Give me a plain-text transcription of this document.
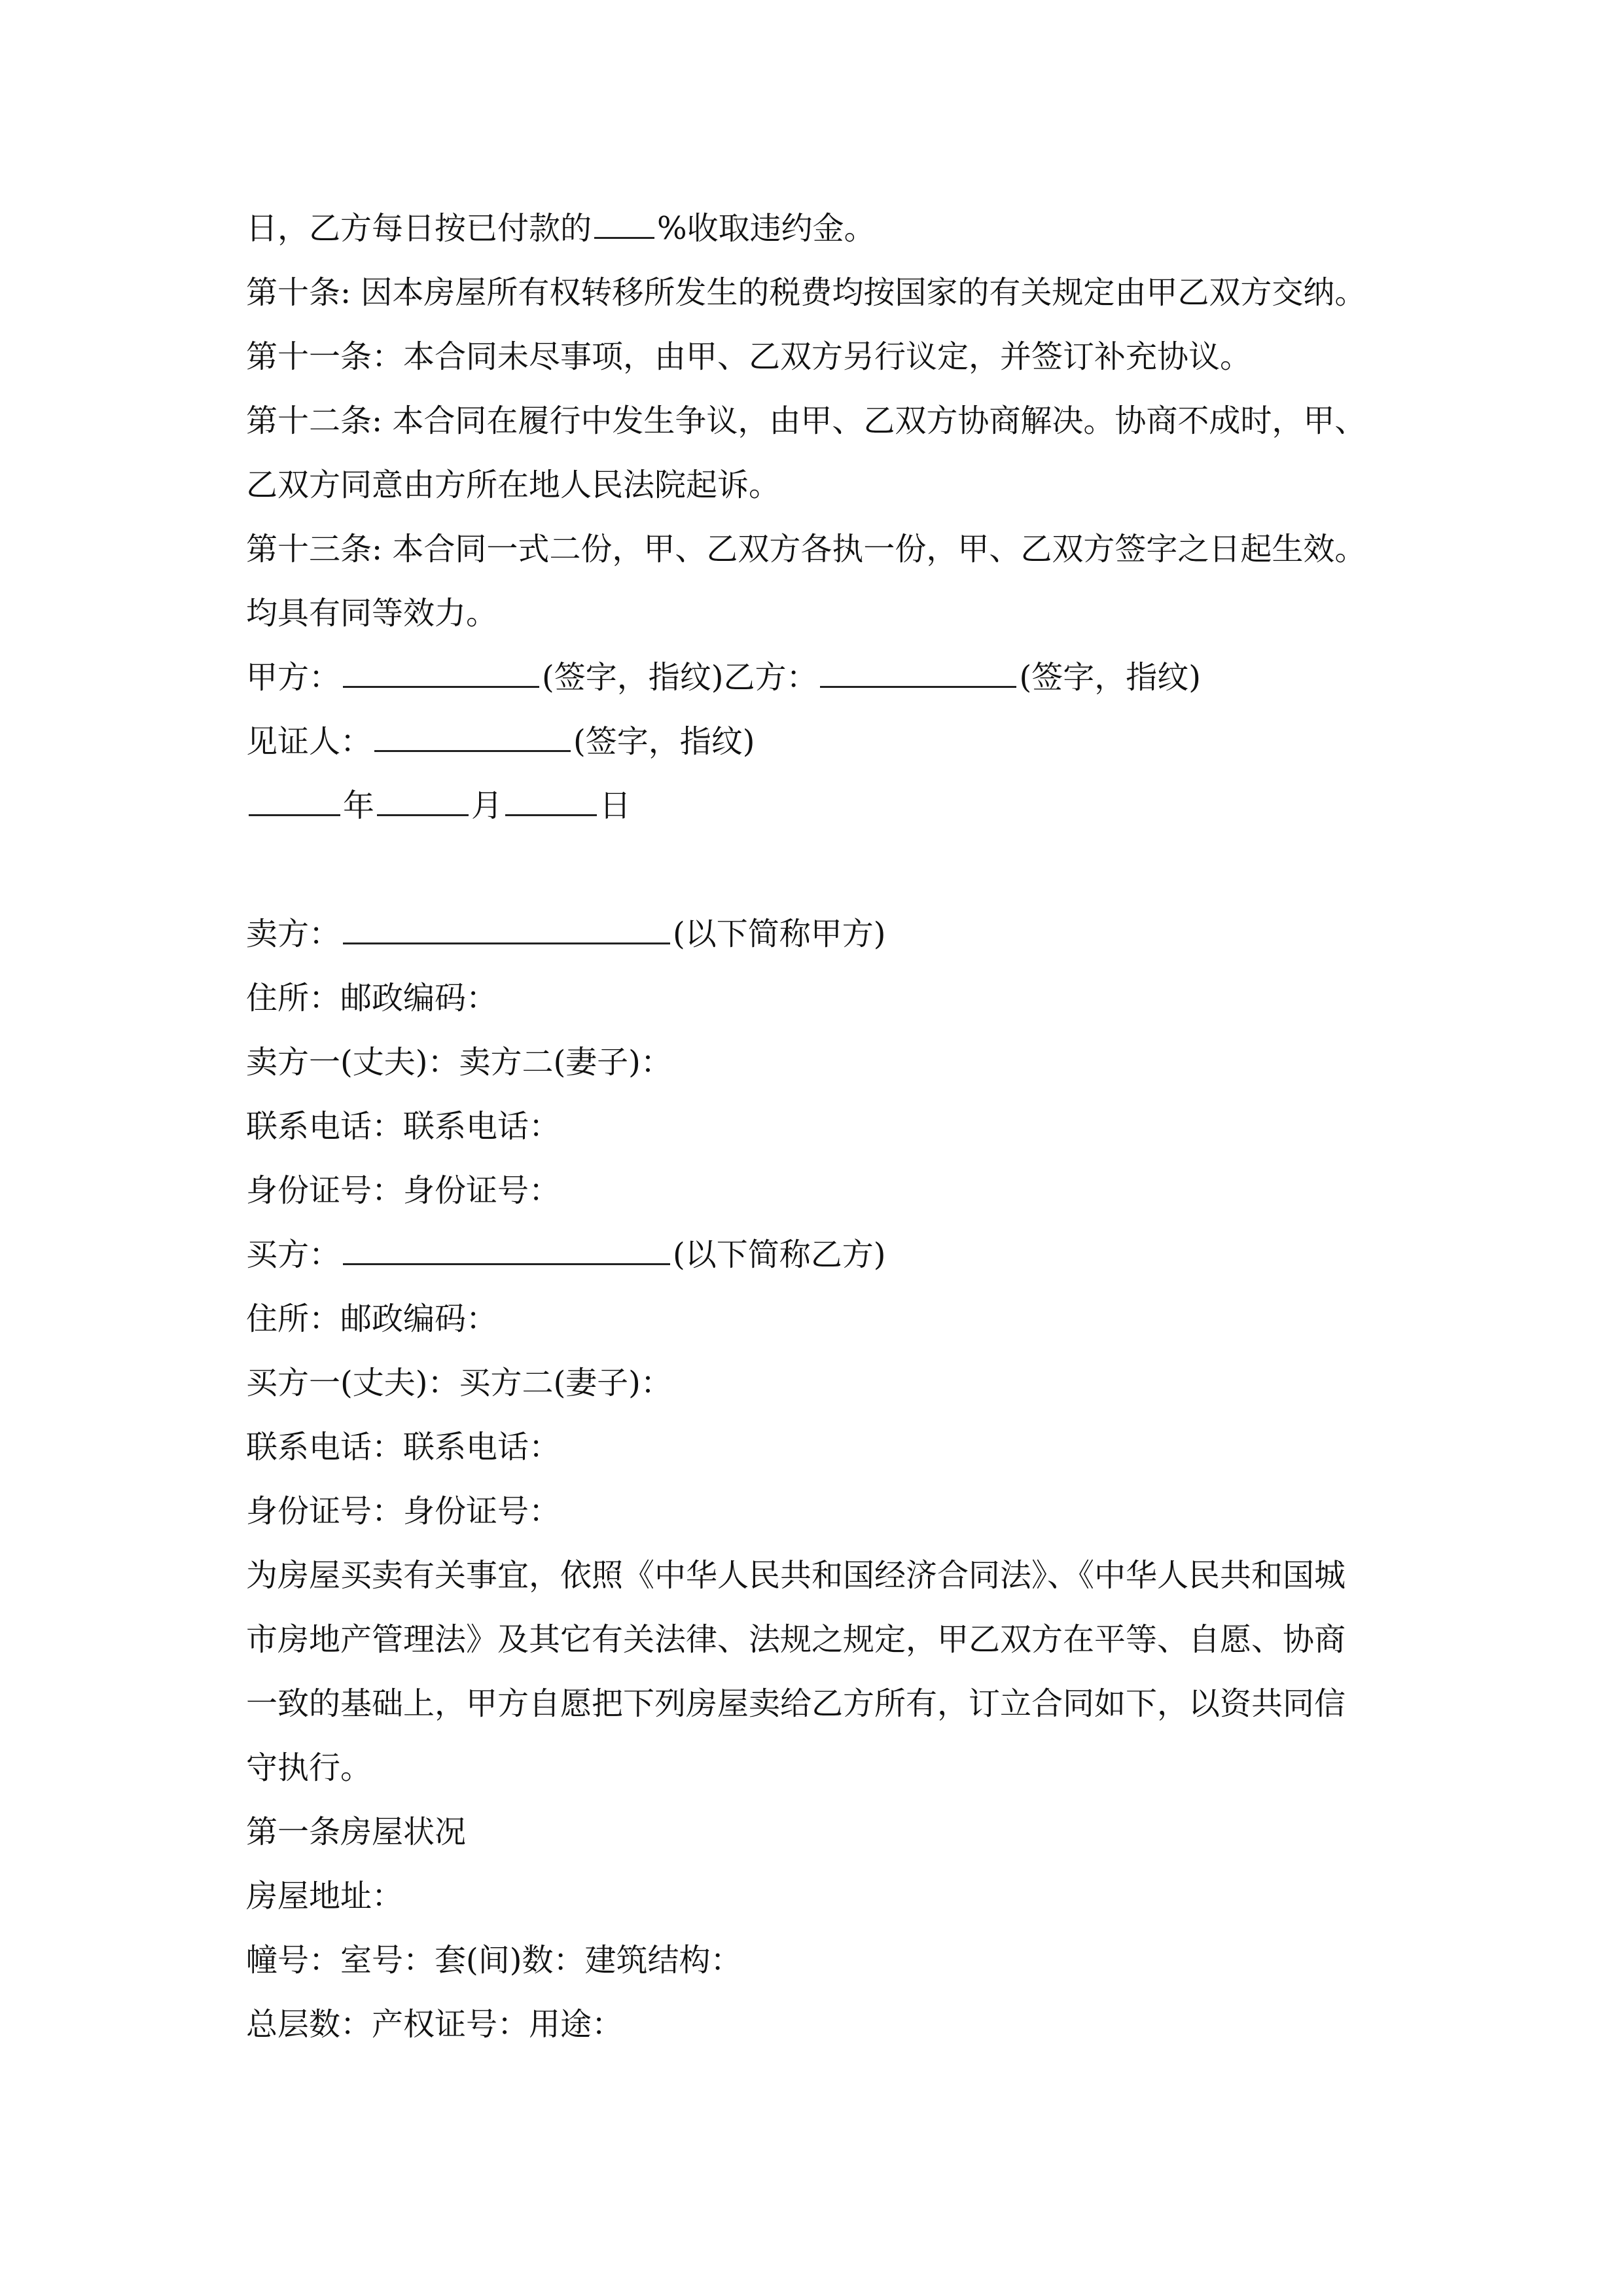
日，乙方每日按已付款的 %收取违约金。
第十条: 因本房屋所有权转移所发生的税费均按国家的有关规定由甲乙双方交纳。
第十一条：本合同未尽事项，由甲、乙双方另行议定，并签订补充协议。
第十二条: 本合同在履行中发生争议，由甲、乙双方协商解决。协商不成时，甲、
乙双方同意由方所在地人民法院起诉。
第十三条: 本合同一式二份，甲、乙双方各执一份，甲、乙双方签字之日起生效。
均具有同等效力。
甲方：	(签字，指纹)乙方：	(签字，指纹)
见证人：	(签字，指纹)
年	月	日
卖方：	(以下简称甲方)
住所：邮政编码：
卖方一(丈夫)：卖方二(妻子)：
联系电话：联系电话：
身份证号：身份证号：
买方：	(以下简称乙方)
住所：邮政编码：
买方一(丈夫)：买方二(妻子)：
联系电话：联系电话：
身份证号：身份证号：
为房屋买卖有关事宜，依照《中华人民共和国经济合同法》、《中华人民共和国城
市房地产管理法》及其它有关法律、法规之规定，甲乙双方在平等、自愿、协商
一致的基础上，甲方自愿把下列房屋卖给乙方所有，订立合同如下，以资共同信
守执行。
第一条房屋状况
房屋地址：
幢号：室号：套(间)数：建筑结构：
总层数：产权证号：用途：
